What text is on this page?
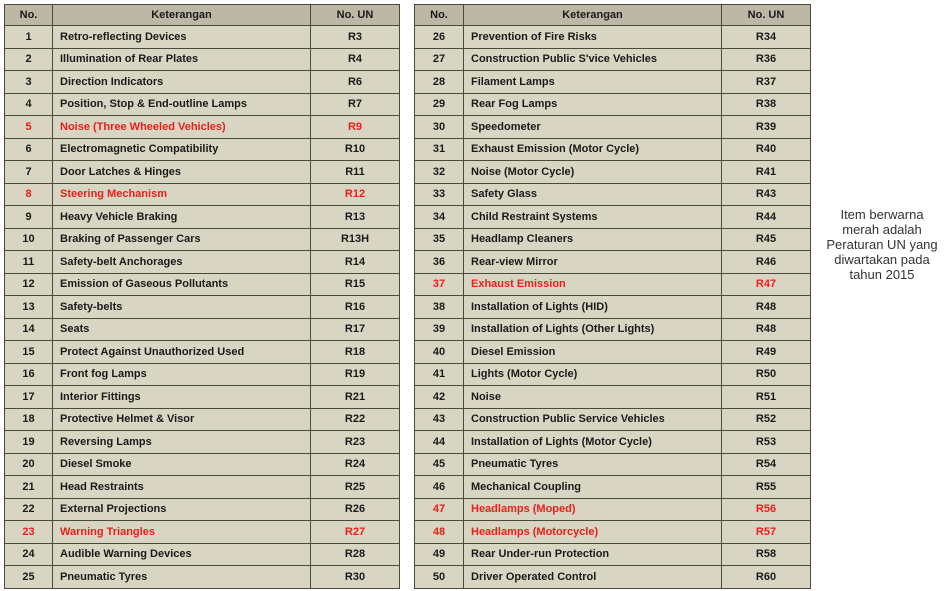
No.	Keterangan	No. UN
1	Retro-reflecting Devices	R3
2	Illumination of Rear Plates	R4
3	Direction Indicators	R6
4	Position, Stop & End-outline Lamps	R7
5	Noise (Three Wheeled Vehicles)	R9
6	Electromagnetic Compatibility	R10
7	Door Latches & Hinges	R11
8	Steering Mechanism	R12
9	Heavy Vehicle Braking	R13
10	Braking of Passenger Cars	R13H
11	Safety-belt Anchorages	R14
12	Emission of Gaseous Pollutants	R15
13	Safety-belts	R16
14	Seats	R17
15	Protect Against Unauthorized Used	R18
16	Front fog Lamps	R19
17	Interior Fittings	R21
18	Protective Helmet & Visor	R22
19	Reversing Lamps	R23
20	Diesel Smoke	R24
21	Head Restraints	R25
22	External Projections	R26
23	Warning Triangles	R27
24	Audible Warning Devices	R28
25	Pneumatic Tyres	R30
No.	Keterangan	No. UN
26	Prevention of Fire Risks	R34
27	Construction Public S'vice Vehicles	R36
28	Filament Lamps	R37
29	Rear Fog Lamps	R38
30	Speedometer	R39
31	Exhaust Emission (Motor Cycle)	R40
32	Noise (Motor Cycle)	R41
33	Safety Glass	R43
34	Child Restraint Systems	R44
35	Headlamp Cleaners	R45
36	Rear-view Mirror	R46
37	Exhaust Emission	R47
38	Installation of Lights (HID)	R48
39	Installation of Lights (Other Lights)	R48
40	Diesel Emission	R49
41	Lights (Motor Cycle)	R50
42	Noise	R51
43	Construction Public Service Vehicles	R52
44	Installation of Lights (Motor Cycle)	R53
45	Pneumatic Tyres	R54
46	Mechanical Coupling	R55
47	Headlamps (Moped)	R56
48	Headlamps (Motorcycle)	R57
49	Rear Under-run Protection	R58
50	Driver Operated Control	R60
Item berwarna merah adalah Peraturan UN yang diwartakan pada tahun 2015
